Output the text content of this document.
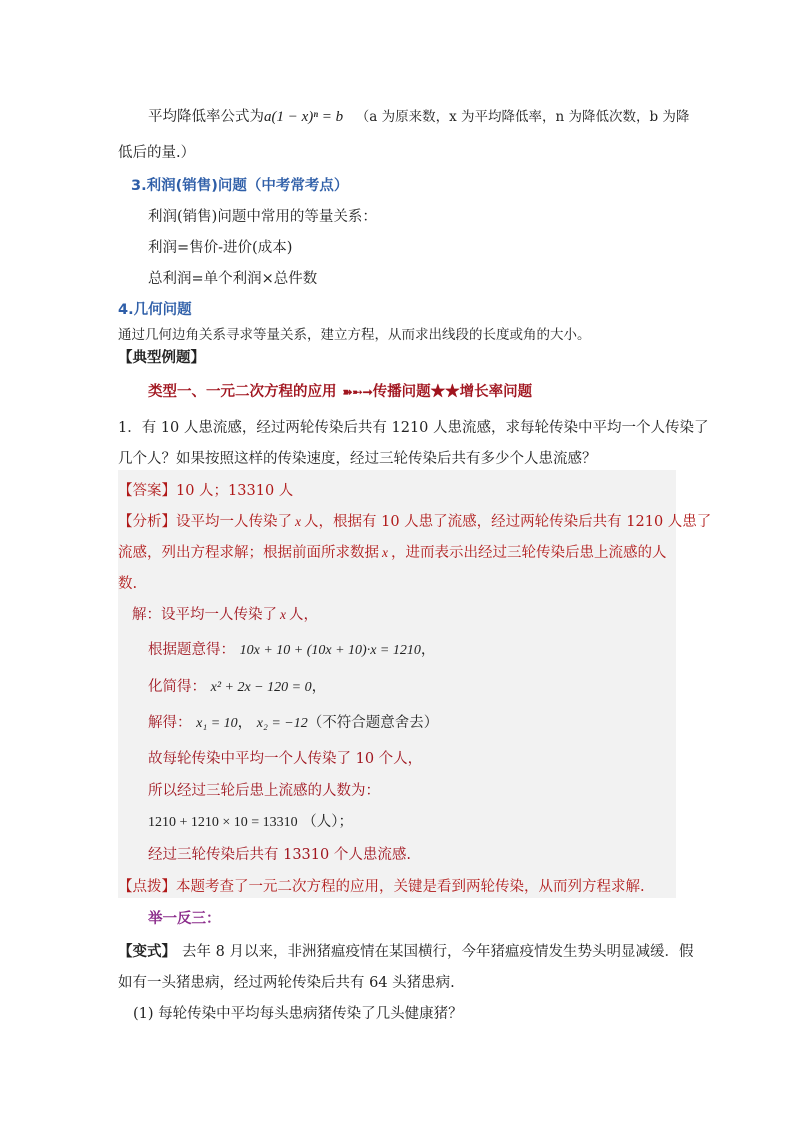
平均降低率公式为a(1 − x)ⁿ = b （a 为原来数，x 为平均降低率，n 为降低次数，b 为降
低后的量.）
3.利润(销售)问题（中考常考点）
利润(销售)问题中常用的等量关系：
利润=售价-进价(成本)
总利润=单个利润×总件数
4.几何问题
通过几何边角关系寻求等量关系，建立方程，从而求出线段的长度或角的大小。
【典型例题】
类型一、一元二次方程的应用 ➽➸➞传播问题★★增长率问题
1．有 10 人患流感，经过两轮传染后共有 1210 人患流感，求每轮传染中平均一个人传染了
几个人？如果按照这样的传染速度，经过三轮传染后共有多少个人患流感？
【答案】10 人；13310 人
【分析】设平均一人传染了 x 人，根据有 10 人患了流感，经过两轮传染后共有 1210 人患了
流感，列出方程求解；根据前面所求数据 x ，进而表示出经过三轮传染后患上流感的人
数.
解：设平均一人传染了 x 人，
根据题意得： 10x + 10 + (10x + 10)·x = 1210，
化简得： x² + 2x − 120 = 0，
解得： x₁ = 10， x₂ = −12（不符合题意舍去）
故每轮传染中平均一个人传染了 10 个人，
所以经过三轮后患上流感的人数为：
1210 + 1210 × 10 = 13310 （人）；
经过三轮传染后共有 13310 个人患流感.
【点拨】本题考查了一元二次方程的应用，关键是看到两轮传染，从而列方程求解.
举一反三：
【变式】 去年 8 月以来，非洲猪瘟疫情在某国横行，今年猪瘟疫情发生势头明显减缓．假
如有一头猪患病，经过两轮传染后共有 64 头猪患病.
(1) 每轮传染中平均每头患病猪传染了几头健康猪？
